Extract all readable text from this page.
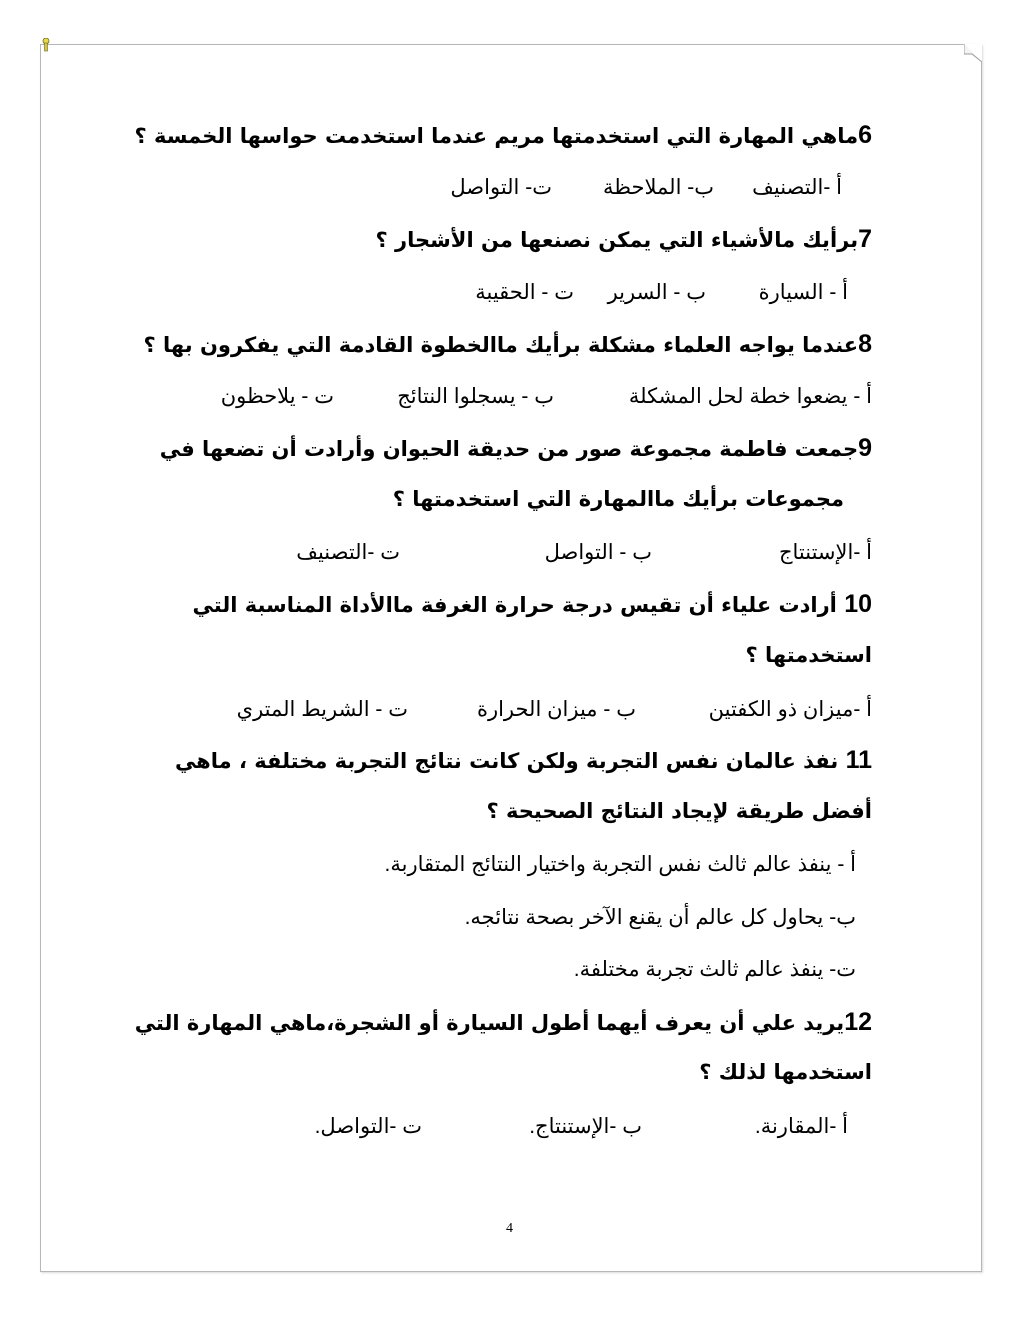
6ماهي المهارة التي استخدمتها مريم عندما استخدمت حواسها الخمسة ؟
أ -التصنيف
ب- الملاحظة
ت- التواصل
7برأيك مالأشياء التي يمكن نصنعها من الأشجار ؟
أ - السيارة
ب - السرير
ت - الحقيبة
8عندما يواجه العلماء مشكلة برأيك ماالخطوة القادمة التي يفكرون بها ؟
أ - يضعوا خطة لحل المشكلة
ب - يسجلوا النتائج
ت - يلاحظون
9جمعت فاطمة مجموعة صور من حديقة الحيوان وأرادت أن تضعها في
مجموعات برأيك ماالمهارة التي استخدمتها ؟
أ -الإستنتاج
ب - التواصل
ت -التصنيف
10 أرادت علياء أن تقيس درجة حرارة الغرفة ماالأداة المناسبة التي
استخدمتها ؟
أ -ميزان ذو الكفتين
ب - ميزان الحرارة
ت - الشريط المتري
11 نفذ عالمان نفس التجربة ولكن كانت نتائج التجربة مختلفة ، ماهي
أفضل طريقة لإيجاد النتائج الصحيحة ؟
أ - ينفذ عالم ثالث نفس التجربة واختيار النتائج المتقاربة.
ب- يحاول كل عالم أن يقنع الآخر بصحة نتائجه.
ت- ينفذ عالم ثالث تجربة مختلفة.
12يريد علي أن يعرف أيهما أطول السيارة أو الشجرة،ماهي المهارة التي
استخدمها لذلك ؟
أ -المقارنة.
ب -الإستنتاج.
ت -التواصل.
4
